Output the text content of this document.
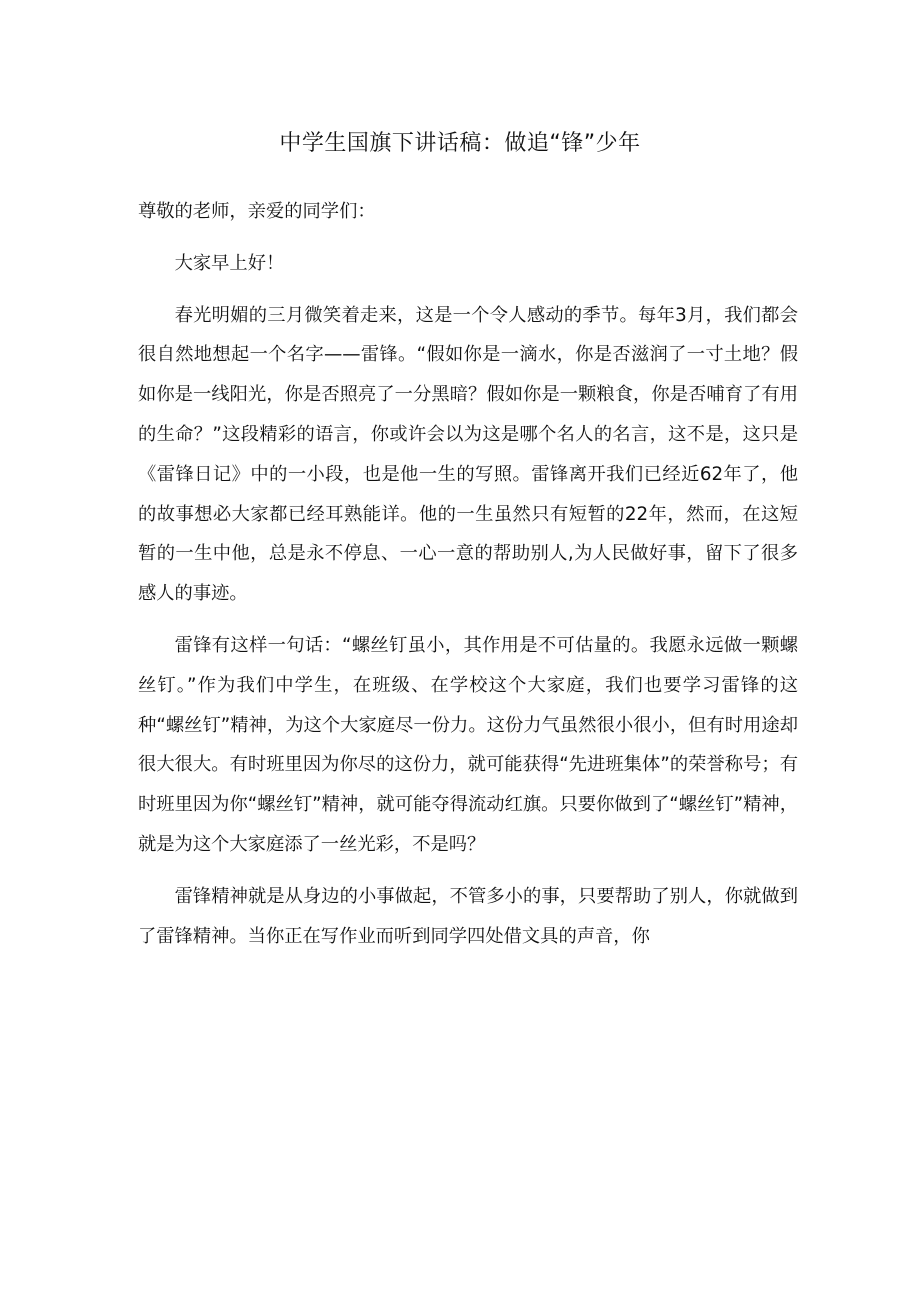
中学生国旗下讲话稿：做追“锋”少年

尊敬的老师，亲爱的同学们：

大家早上好！

春光明媚的三月微笑着走来，这是一个令人感动的季节。每年3月，我们都会很自然地想起一个名字——雷锋。“假如你是一滴水，你是否滋润了一寸土地？假如你是一线阳光，你是否照亮了一分黑暗？假如你是一颗粮食，你是否哺育了有用的生命？”这段精彩的语言，你或许会以为这是哪个名人的名言，这不是，这只是《雷锋日记》中的一小段，也是他一生的写照。雷锋离开我们已经近62年了，他的故事想必大家都已经耳熟能详。他的一生虽然只有短暂的22年，然而，在这短暂的一生中他，总是永不停息、一心一意的帮助别人,为人民做好事，留下了很多感人的事迹。

雷锋有这样一句话：“螺丝钉虽小，其作用是不可估量的。我愿永远做一颗螺丝钉。”作为我们中学生，在班级、在学校这个大家庭，我们也要学习雷锋的这种“螺丝钉”精神，为这个大家庭尽一份力。这份力气虽然很小很小，但有时用途却很大很大。有时班里因为你尽的这份力，就可能获得“先进班集体”的荣誉称号；有时班里因为你“螺丝钉”精神，就可能夺得流动红旗。只要你做到了“螺丝钉”精神，就是为这个大家庭添了一丝光彩，不是吗？

雷锋精神就是从身边的小事做起，不管多小的事，只要帮助了别人，你就做到了雷锋精神。当你正在写作业而听到同学四处借文具的声音，你
